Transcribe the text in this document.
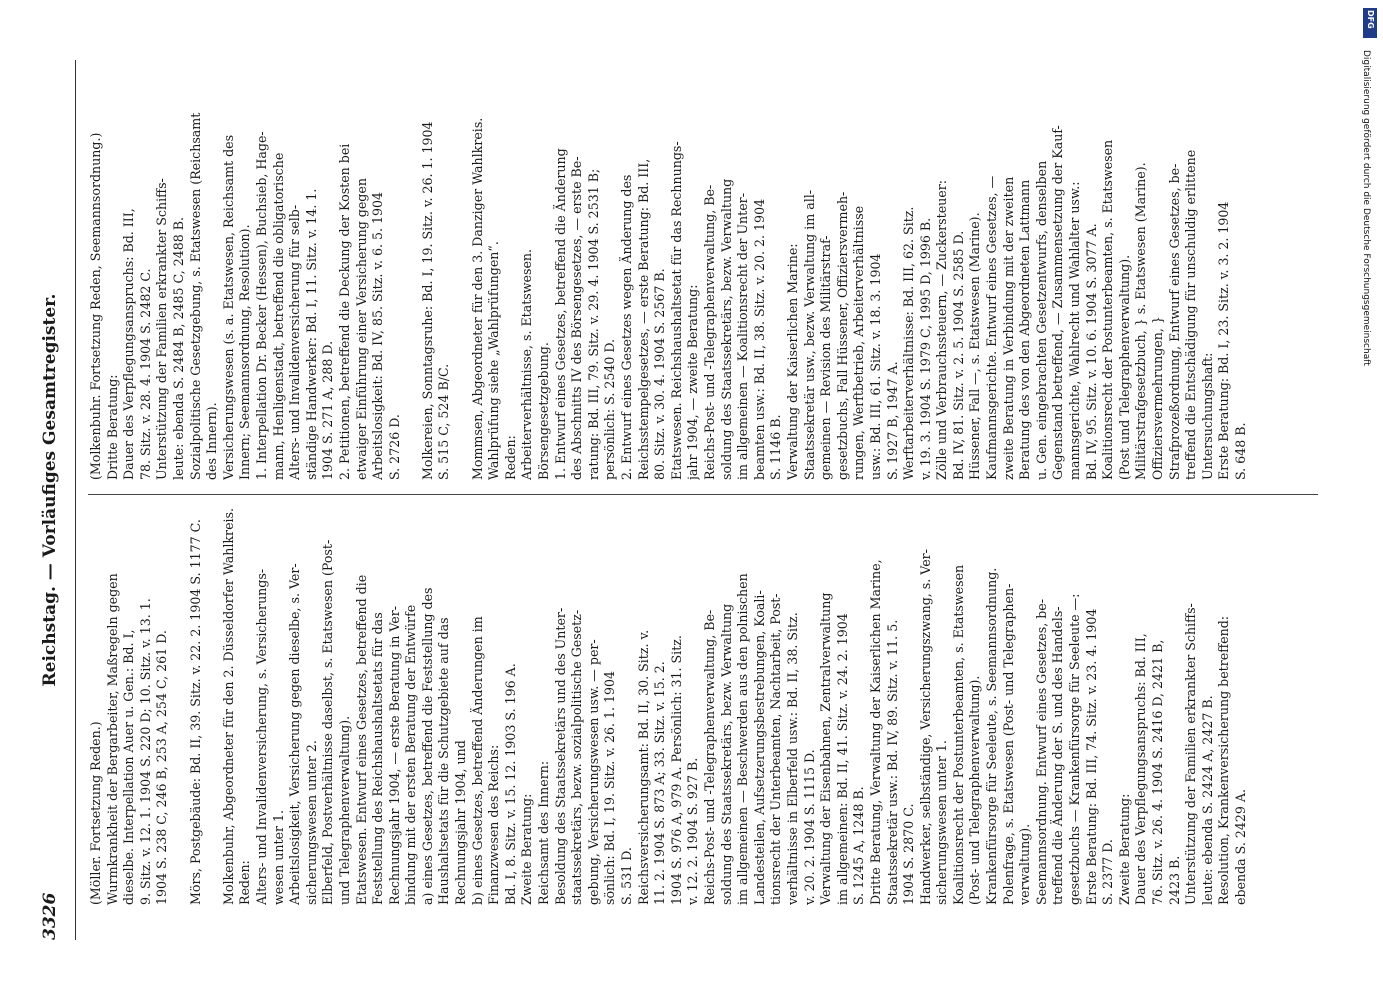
3326
Reichstag. — Vorläufiges Gesamtregister.
(Möller. Fortsetzung Reden.) Wurmkrankheit der Bergarbeiter, Maßregeln gegen dieselbe. Interpellation Auer u. Gen.: Bd. I, 9. Sitz. v. 12. 1. 1904 S. 220 D; 10. Sitz. v. 13. 1. 1904 S. 238 C, 246 B, 253 A, 254 C, 261 D.
Mörs, Postgebäude: Bd. II, 39. Sitz. v. 22. 2. 1904 S. 1177 C.
Molkenbuhr, Abgeordneter für den 2. Düsseldorfer Wahlkreis. Reden: Alters- und Invalidenversicherung, s. Versicherungs- wesen unter 1. Arbeitslosigkeit, Versicherung gegen dieselbe, s. Ver- sicherungswesen unter 2. Elberfeld, Postverhältnisse daselbst, s. Etatswesen (Post- und Telegraphenverwaltung). Etatswesen. Entwurf eines Gesetzes, betreffend die Feststellung des Reichshaushaltsetats für das Rechnungsjahr 1904, — erste Beratung in Ver- bindung mit der ersten Beratung der Entwürfe a) eines Gesetzes, betreffend die Feststellung des Haushaltsetats für die Schutzgebiete auf das Rechnungsjahr 1904, und b) eines Gesetzes, betreffend Änderungen im Finanzwesen des Reichs: Bd. I, 8. Sitz. v. 15. 12. 1903 S. 196 A. Zweite Beratung: Reichsamt des Innern: Besoldung des Staatssekretärs und des Unter- staatssekretärs, bezw. sozialpolitische Gesetz- gebung, Versicherungswesen usw. — per- sönlich: Bd. I, 19. Sitz. v. 26. 1. 1904 S. 531 D. Reichsversicherungsamt: Bd. II, 30. Sitz. v. 11. 2. 1904 S. 873 A; 33. Sitz. v. 15. 2. 1904 S. 976 A, 979 A. Persönlich: 31. Sitz. v. 12. 2. 1904 S. 927 B. Reichs-Post- und -Telegraphenverwaltung, Be- soldung des Staatssekretärs, bezw. Verwaltung im allgemeinen — Beschwerden aus den polnischen Landesteilen, Aufsetzerungsbestrebungen, Koali- tionsrecht der Unterbeamten, Nachtarbeit, Post- verhältnisse in Elberfeld usw.: Bd. II, 38. Sitz. v. 20. 2. 1904 S. 1115 D. Verwaltung der Eisenbahnen, Zentralverwaltung im allgemeinen: Bd. II, 41. Sitz. v. 24. 2. 1904 S. 1245 A, 1248 B. Dritte Beratung, Verwaltung der Kaiserlichen Marine, Staatssekretär usw.: Bd. IV, 89. Sitz. v. 11. 5. 1904 S. 2870 C. Handwerker, selbständige, Versicherungszwang, s. Ver- sicherungswesen unter 1. Koalitionsrecht der Postunterbeamten, s. Etatswesen (Post- und Telegraphenverwaltung). Krankenfürsorge für Seeleute, s. Seemannsordnung. Polenfrage, s. Etatswesen (Post- und Telegraphen- verwaltung). Seemannsordnung. Entwurf eines Gesetzes, be- treffend die Änderung der S. und des Handels- gesetzbuchs — Krankenfürsorge für Seeleute —: Erste Beratung: Bd. III, 74. Sitz. v. 23. 4. 1904 S. 2377 D. Zweite Beratung: Dauer des Verpflegungsanspruchs: Bd. III, 76. Sitz. v. 26. 4. 1904 S. 2416 D, 2421 B, 2423 B. Unterstützung der Familien erkrankter Schiffs- leute: ebenda S. 2424 A, 2427 B. Resolution, Krankenversicherung betreffend: ebenda S. 2429 A.
(Molkenbuhr. Fortsetzung Reden, Seemannsordnung.) Dritte Beratung: Dauer des Verpflegungsanspruchs: Bd. III, 78. Sitz. v. 28. 4. 1904 S. 2482 C. Unterstützung der Familien erkrankter Schiffs- leute: ebenda S. 2484 B, 2485 C, 2488 B. Sozialpolitische Gesetzgebung, s. Etatswesen (Reichsamt des Innern). Versicherungswesen (s. a. Etatswesen, Reichsamt des Innern; Seemannsordnung, Resolution). 1. Interpellation Dr. Becker (Hessen), Buchsieb, Hage- mann, Henligenstadt, betreffend die obligatorische Alters- und Invalidenversicherung für selb- ständige Handwerker: Bd. I, 11. Sitz. v. 14. 1. 1904 S. 271 A, 288 D. 2. Petitionen, betreffend die Deckung der Kosten bei etwaiger Einführung einer Versicherung gegen Arbeitslosigkeit: Bd. IV, 85. Sitz. v. 6. 5. 1904 S. 2726 D.
Molkereien, Sonntagsruhe: Bd. I, 19. Sitz. v. 26. 1. 1904 S. 515 C, 524 B/C.
Mommsen, Abgeordneter für den 3. Danziger Wahlkreis. Wahlprüfung siehe „Wahlprüfungen“. Reden: Arbeiterverhältnisse, s. Etatswesen. Börsengesetzgebung. 1. Entwurf eines Gesetzes, betreffend die Änderung des Abschnitts IV des Börsengesetzes, — erste Be- ratung: Bd. III, 79. Sitz. v. 29. 4. 1904 S. 2531 B; persönlich: S. 2540 D. 2. Entwurf eines Gesetzes wegen Änderung des Reichsstempelgesetzes, — erste Beratung: Bd. III, 80. Sitz. v. 30. 4. 1904 S. 2567 B. Etatswesen. Reichshaushaltsetat für das Rechnungs- jahr 1904, — zweite Beratung: Reichs-Post- und -Telegraphenverwaltung, Be- soldung des Staatssekretärs, bezw. Verwaltung im allgemeinen — Koalitionsrecht der Unter- beamten usw.: Bd. II, 38. Sitz. v. 20. 2. 1904 S. 1146 B. Verwaltung der Kaiserlichen Marine: Staatssekretär usw., bezw. Verwaltung im all- gemeinen — Revision des Militärstraf- gesetzbuchs, Fall Hüssener, Offiziersvermeh- rungen, Werftbetrieb, Arbeiterverhältnisse usw.: Bd. III, 61. Sitz. v. 18. 3. 1904 S. 1927 B, 1947 A. Werftarbeiterverhältnisse: Bd. III, 62. Sitz. v. 19. 3. 1904 S. 1979 C, 1995 D, 1996 B. Zölle und Verbrauchssteuern, — Zuckersteuer: Bd. IV, 81. Sitz. v. 2. 5. 1904 S. 2585 D. Hüssener, Fall —, s. Etatswesen (Marine). Kaufmannsgerichte. Entwurf eines Gesetzes, — zweite Beratung in Verbindung mit der zweiten Beratung des von den Abgeordneten Lattmann u. Gen. eingebrachten Gesetzentwurfs, denselben Gegenstand betreffend, — Zusammensetzung der Kauf- mannsgerichte, Wahlrecht und Wahlalter usw.: Bd. IV, 95. Sitz. v. 10. 6. 1904 S. 3077 A. Koalitionsrecht der Postunterbeamten, s. Etatswesen (Post und Telegraphenverwaltung). Militärstrafgesetzbuch, } s. Etatswesen (Marine). Offiziersvermehrungen, } Strafprozeßordnung, Entwurf eines Gesetzes, be- treffend die Entschädigung für unschuldig erlittene Untersuchungshaft: Erste Beratung: Bd. I, 23. Sitz. v. 3. 2. 1904 S. 648 B.
DFG
Digitalisierung gefördert durch die Deutsche Forschungsgemeinschaft
